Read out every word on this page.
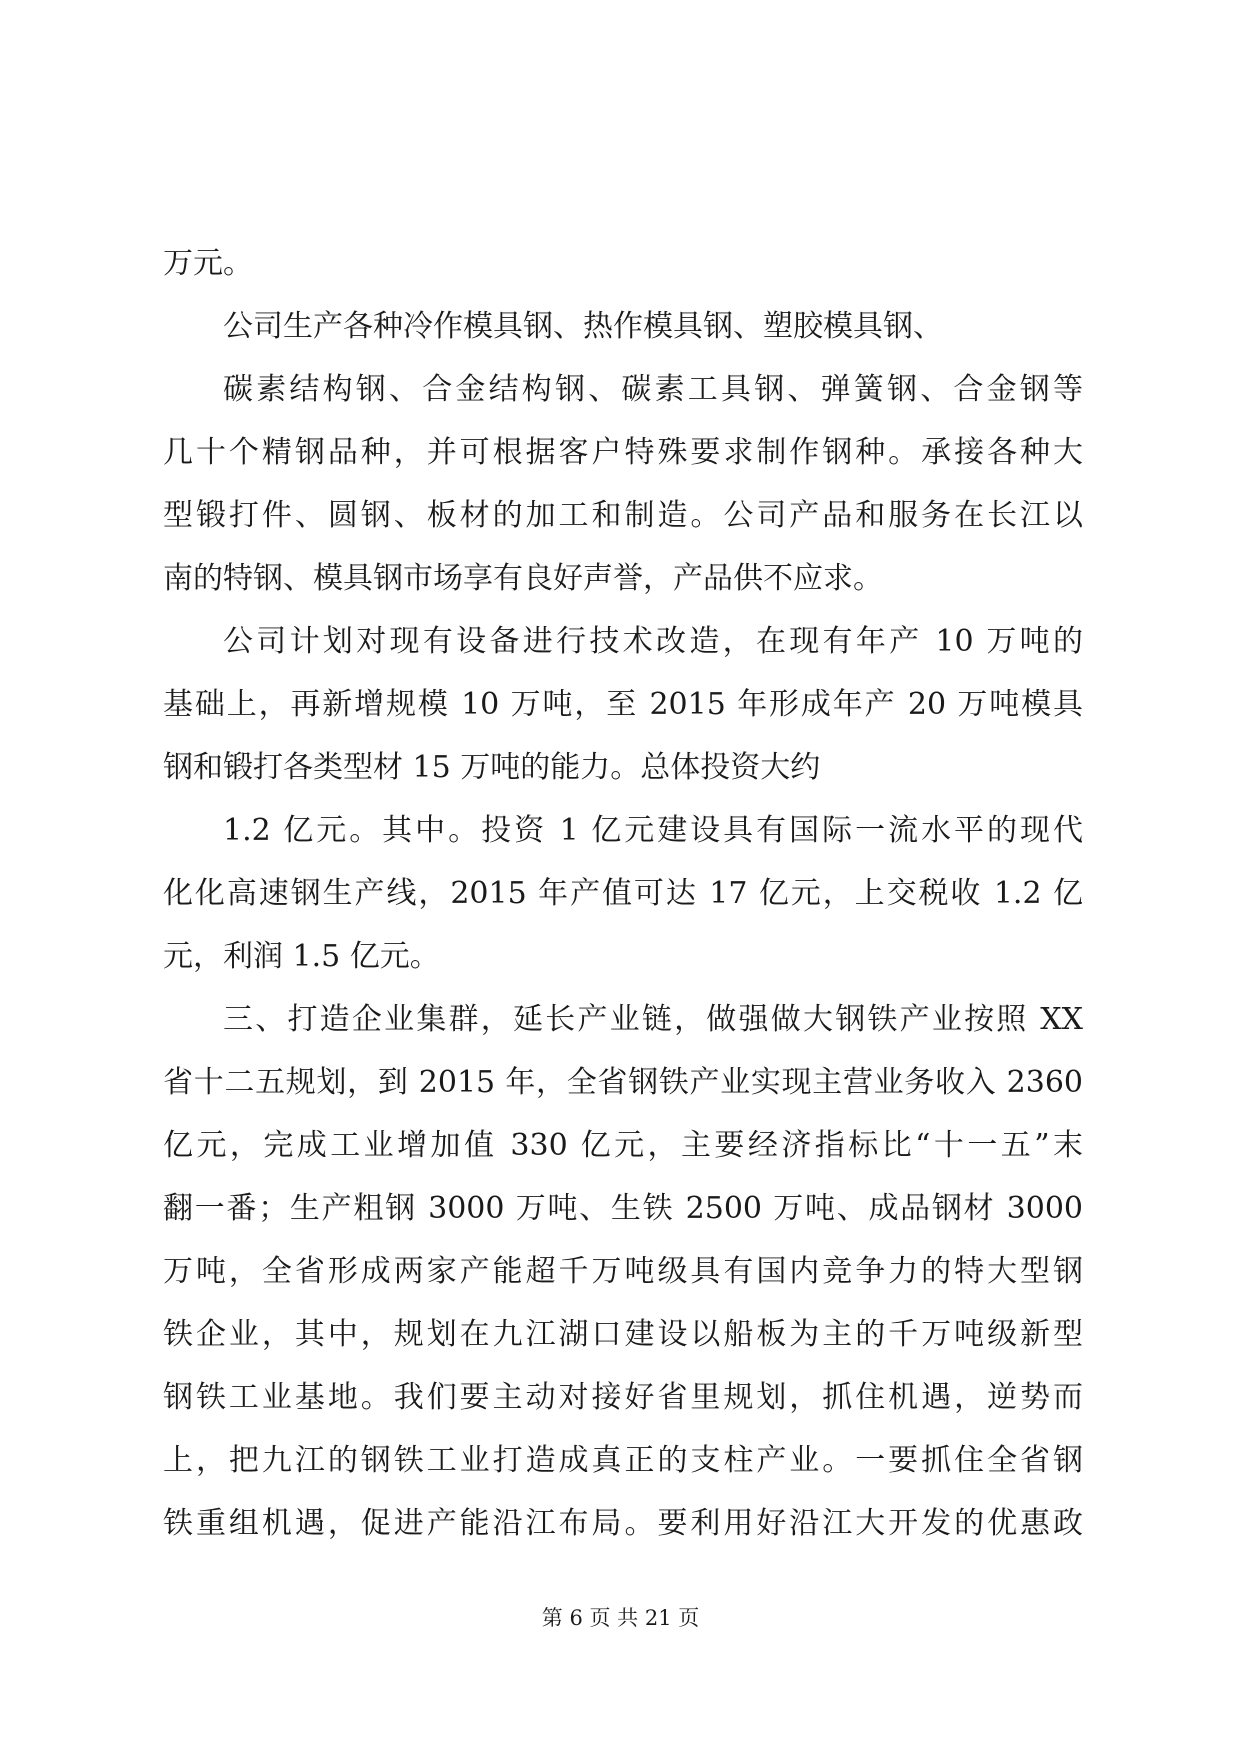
万元。
公司生产各种冷作模具钢、热作模具钢、塑胶模具钢、
碳素结构钢、合金结构钢、碳素工具钢、弹簧钢、合金钢等
几十个精钢品种，并可根据客户特殊要求制作钢种。承接各种大
型锻打件、圆钢、板材的加工和制造。公司产品和服务在长江以
南的特钢、模具钢市场享有良好声誉，产品供不应求。
公司计划对现有设备进行技术改造，在现有年产 10 万吨的
基础上，再新增规模 10 万吨，至 2015 年形成年产 20 万吨模具
钢和锻打各类型材 15 万吨的能力。总体投资大约
1.2 亿元。其中。投资 1 亿元建设具有国际一流水平的现代
化化高速钢生产线，2015 年产值可达 17 亿元，上交税收 1.2 亿
元，利润 1.5 亿元。
三、打造企业集群，延长产业链，做强做大钢铁产业按照 XX
省十二五规划，到 2015 年，全省钢铁产业实现主营业务收入 2360
亿元，完成工业增加值 330 亿元，主要经济指标比“十一五”末
翻一番；生产粗钢 3000 万吨、生铁 2500 万吨、成品钢材 3000
万吨，全省形成两家产能超千万吨级具有国内竞争力的特大型钢
铁企业，其中，规划在九江湖口建设以船板为主的千万吨级新型
钢铁工业基地。我们要主动对接好省里规划，抓住机遇，逆势而
上，把九江的钢铁工业打造成真正的支柱产业。一要抓住全省钢
铁重组机遇，促进产能沿江布局。要利用好沿江大开发的优惠政
第 6 页 共 21 页
